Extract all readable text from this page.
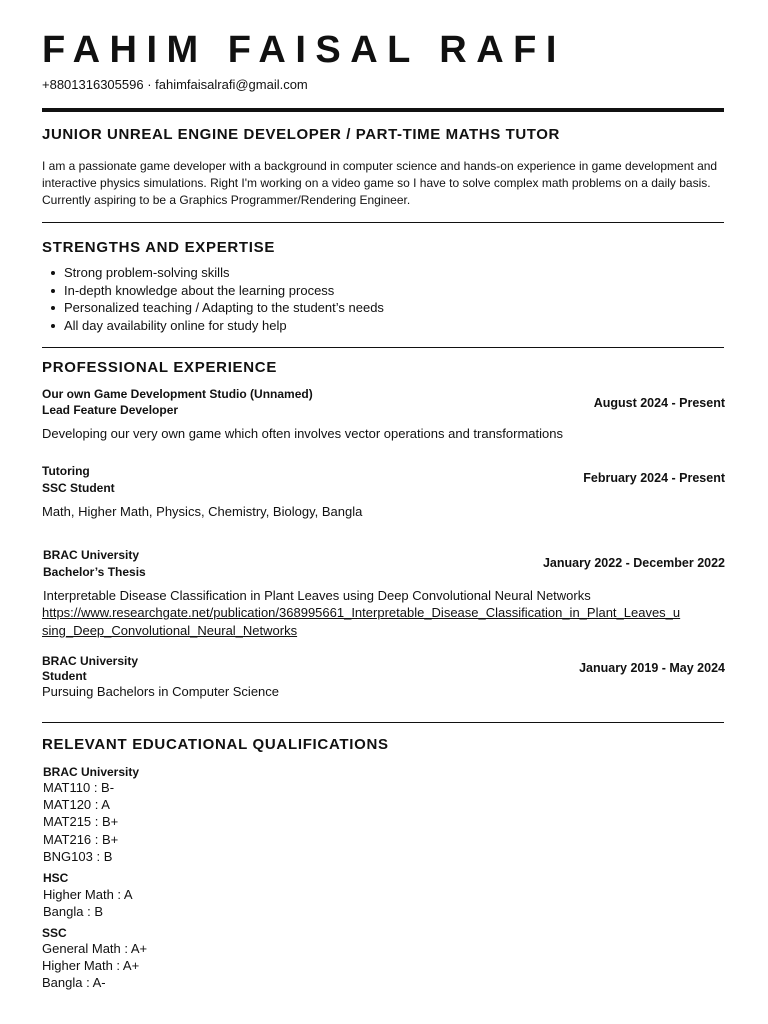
FAHIM FAISAL RAFI
+8801316305596 · fahimfaisalrafi@gmail.com
JUNIOR UNREAL ENGINE DEVELOPER / PART-TIME MATHS TUTOR

I am a passionate game developer with a background in computer science and hands-on experience in game development and interactive physics simulations. Right I'm working on a video game so I have to solve complex math problems on a daily basis. Currently aspiring to be a Graphics Programmer/Rendering Engineer.

STRENGTHS AND EXPERTISE
Strong problem-solving skills
In-depth knowledge about the learning process
Personalized teaching / Adapting to the student’s needs
All day availability online for study help
PROFESSIONAL EXPERIENCE
Our own Game Development Studio (Unnamed)
Lead Feature Developer	August 2024 - Present
Developing our very own game which often involves vector operations and transformations
Tutoring
SSC Student
February 2024 - Present
Math, Higher Math, Physics, Chemistry, Biology, Bangla
BRAC University
Bachelor’s Thesis
January 2022 - December 2022
Interpretable Disease Classification in Plant Leaves using Deep Convolutional Neural Networks
https://www.researchgate.net/publication/368995661_Interpretable_Disease_Classification_in_Plant_Leaves_using_Deep_Convolutional_Neural_Networks
BRAC University
Student
January 2019 - May 2024
Pursuing Bachelors in Computer Science
RELEVANT EDUCATIONAL QUALIFICATIONS
BRAC University
MAT110 : B-
MAT120 : A
MAT215 : B+
MAT216 : B+
BNG103 : B
HSC
Higher Math : A
Bangla : B
SSC
General Math : A+
Higher Math : A+
Bangla : A-
